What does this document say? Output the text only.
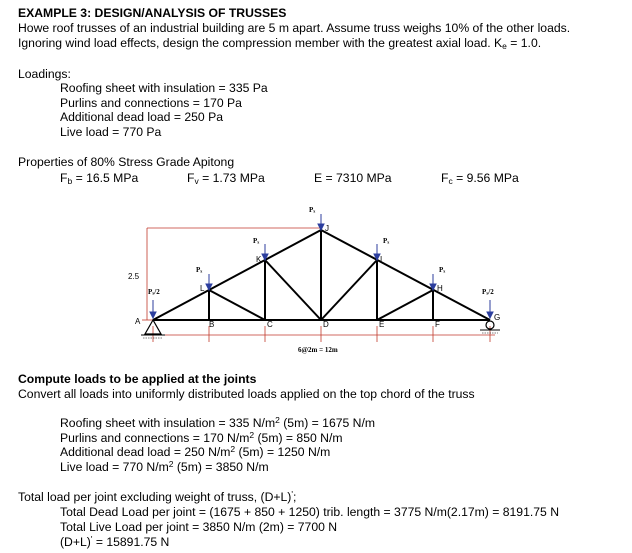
EXAMPLE 3: DESIGN/ANALYSIS OF TRUSSES
Howe roof trusses of an industrial building are 5 m apart. Assume truss weighs 10% of the other loads.
Ignoring wind load effects, design the compression member with the greatest axial load. $K_e = 1.0$.
Loadings:
Roofing sheet with insulation = 335 Pa
Purlins and connections = 170 Pa
Additional dead load = 250 Pa
Live load = 770 Pa
Properties of 80% Stress Grade Apitong
$F_b = 16.5$ MPa	$F_v = 1.73$ MPa	E = 7310 MPa	$F_c = 9.56$ MPa
2.5
6@2m = 12m
Pₓ
Pₓ	Pₓ
Pₓ	Pₓ
Pₓ/2	Pₓ/2
A	B	C	D	E	F
G
H
I
J
K
L
Compute loads to be applied at the joints
Convert all loads into uniformly distributed loads applied on the top chord of the truss
Roofing sheet with insulation = 335 $N/m^2$ (5m) = 1675 N/m
Purlins and connections = 170 $N/m^2$ (5m) = 850 N/m
Additional dead load = 250 $N/m^2$ (5m) = 1250 N/m
Live load = 770 $N/m^2$ (5m) = 3850 N/m
Total load per joint excluding weight of truss, (D+L)';
Total Dead Load per joint = (1675 + 850 + 1250) trib. length = 3775 N/m(2.17m) = 8191.75 N
Total Live Load per joint = 3850 N/m (2m) = 7700 N
(D+L)' = 15891.75 N
